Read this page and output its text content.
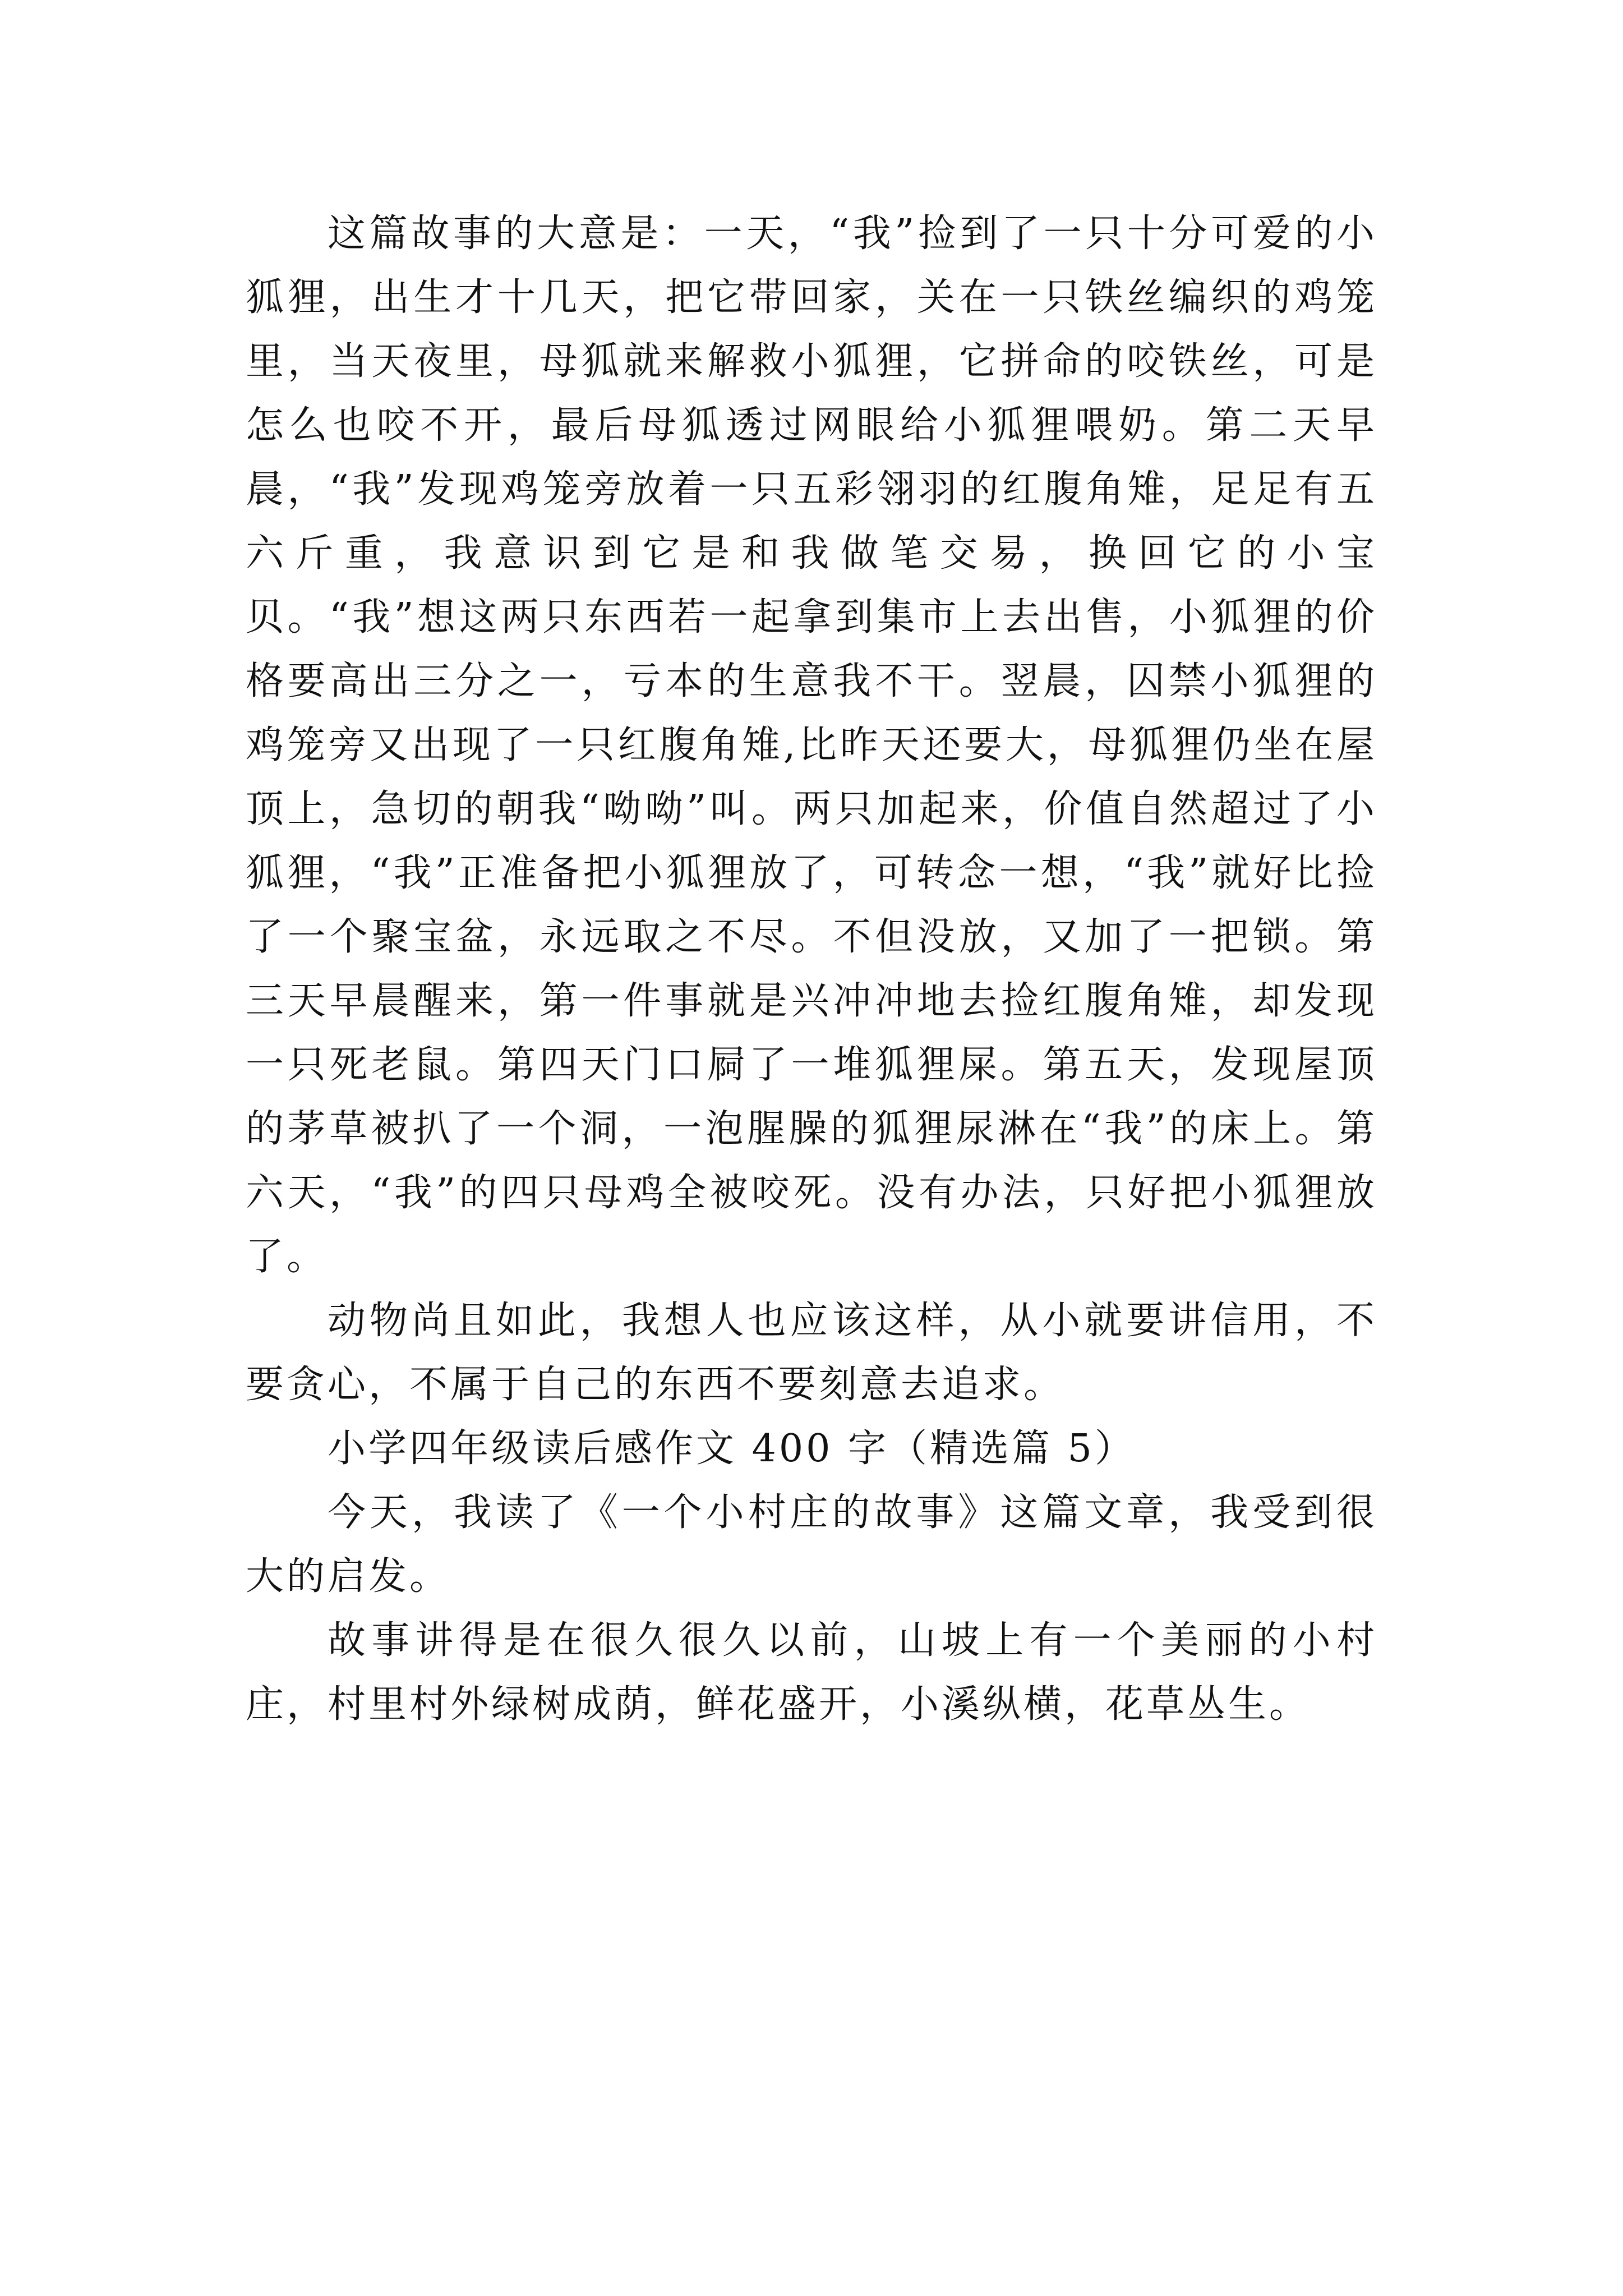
这篇故事的大意是：一天，“我”捡到了一只十分可爱的小狐狸，出生才十几天，把它带回家，关在一只铁丝编织的鸡笼里，当天夜里，母狐就来解救小狐狸，它拼命的咬铁丝，可是怎么也咬不开，最后母狐透过网眼给小狐狸喂奶。第二天早晨，“我”发现鸡笼旁放着一只五彩翎羽的红腹角雉，足足有五六斤重，我意识到它是和我做笔交易，换回它的小宝贝。“我”想这两只东西若一起拿到集市上去出售，小狐狸的价格要高出三分之一，亏本的生意我不干。翌晨，囚禁小狐狸的鸡笼旁又出现了一只红腹角雉,比昨天还要大，母狐狸仍坐在屋顶上，急切的朝我“呦呦”叫。两只加起来，价值自然超过了小狐狸，“我”正准备把小狐狸放了，可转念一想，“我”就好比捡了一个聚宝盆，永远取之不尽。不但没放，又加了一把锁。第三天早晨醒来，第一件事就是兴冲冲地去捡红腹角雉，却发现一只死老鼠。第四天门口屙了一堆狐狸屎。第五天，发现屋顶的茅草被扒了一个洞，一泡腥臊的狐狸尿淋在“我”的床上。第六天，“我”的四只母鸡全被咬死。没有办法，只好把小狐狸放了。

动物尚且如此，我想人也应该这样，从小就要讲信用，不要贪心，不属于自己的东西不要刻意去追求。

小学四年级读后感作文 400 字（精选篇 5）

今天，我读了《一个小村庄的故事》这篇文章，我受到很大的启发。

故事讲得是在很久很久以前，山坡上有一个美丽的小村庄，村里村外绿树成荫，鲜花盛开，小溪纵横，花草丛生。
